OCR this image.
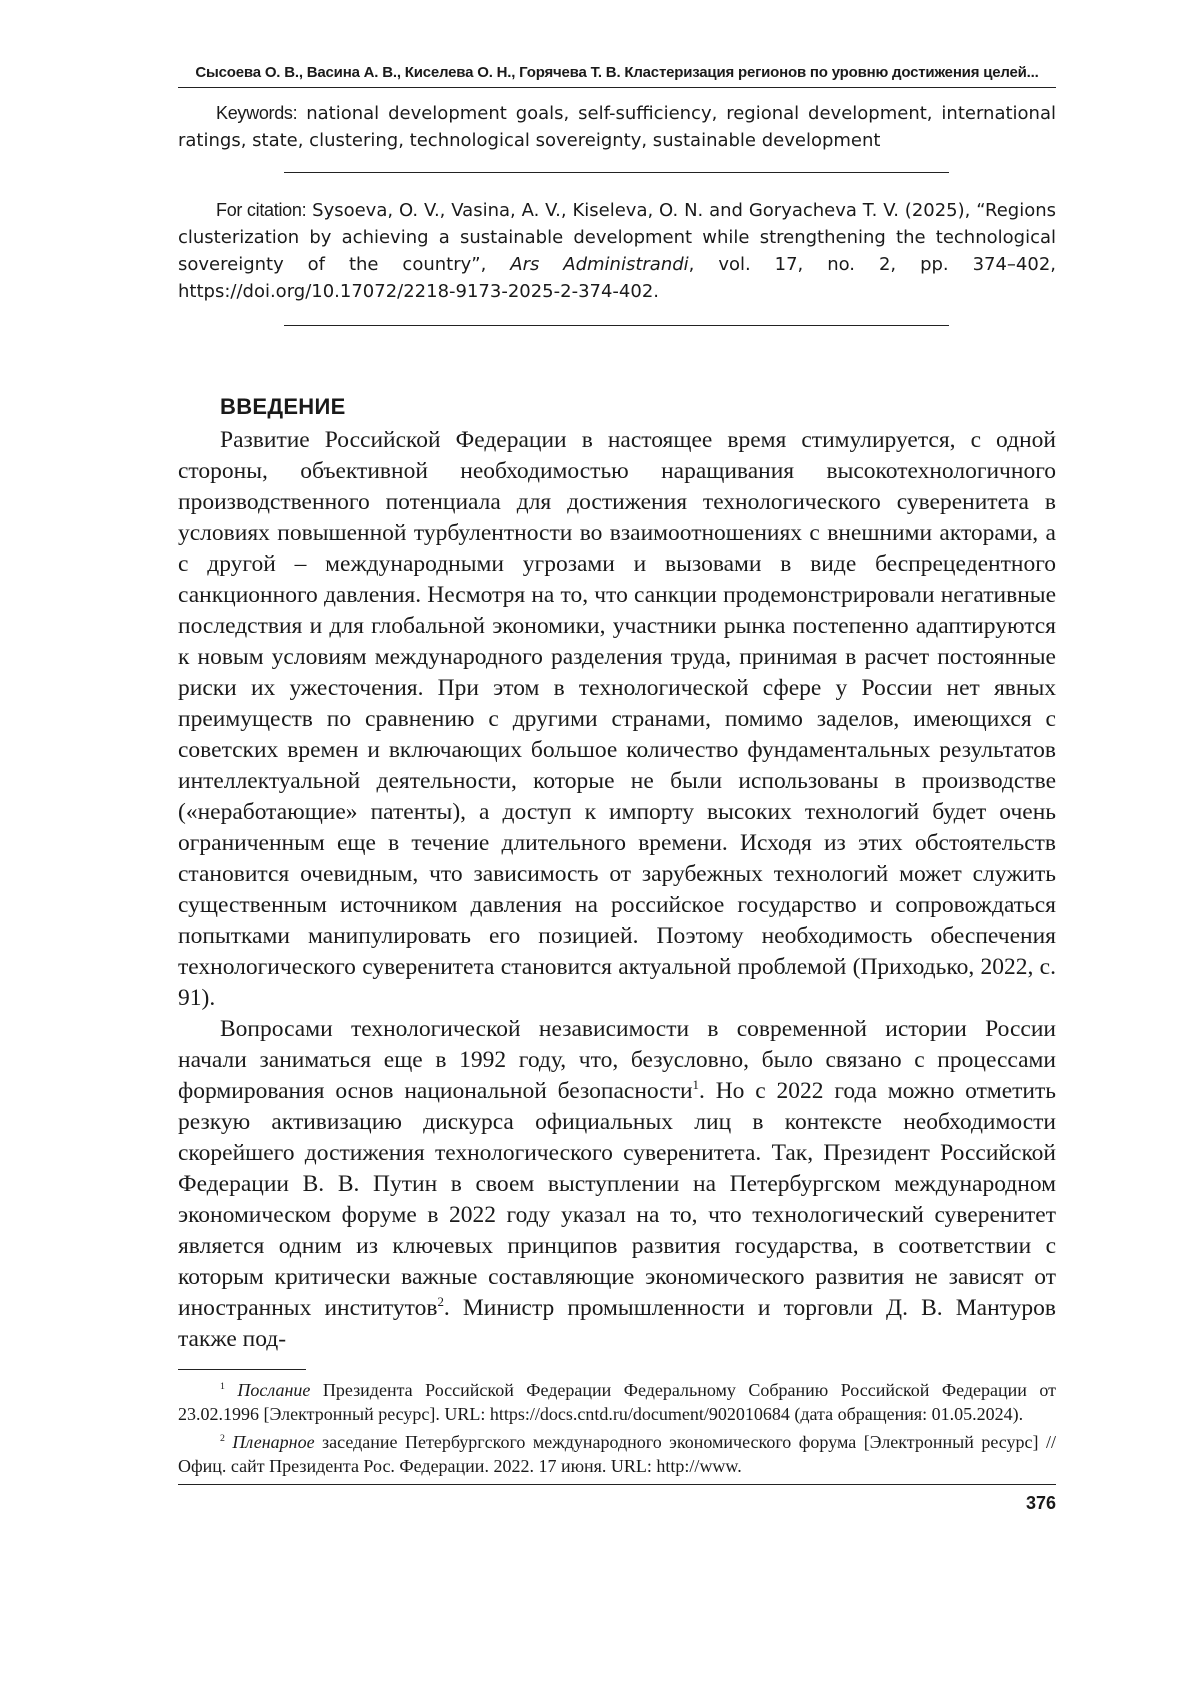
Сысоева О. В., Васина А. В., Киселева О. Н., Горячева Т. В. Кластеризация регионов по уровню достижения целей...
Keywords: national development goals, self-sufficiency, regional development, international ratings, state, clustering, technological sovereignty, sustainable development
For citation: Sysoeva, O. V., Vasina, A. V., Kiseleva, O. N. and Goryacheva T. V. (2025), “Regions clusterization by achieving a sustainable development while strengthening the technological sovereignty of the country”, Ars Administrandi, vol. 17, no. 2, pp. 374–402, https://doi.org/10.17072/2218-9173-2025-2-374-402.
ВВЕДЕНИЕ

Развитие Российской Федерации в настоящее время стимулируется, с одной стороны, объективной необходимостью наращивания высокотехнологичного производственного потенциала для достижения технологического суверенитета в условиях повышенной турбулентности во взаимоотношениях с внешними акторами, а с другой – международными угрозами и вызовами в виде беспрецедентного санкционного давления. Несмотря на то, что санкции продемонстрировали негативные последствия и для глобальной экономики, участники рынка постепенно адаптируются к новым условиям международного разделения труда, принимая в расчет постоянные риски их ужесточения. При этом в технологической сфере у России нет явных преимуществ по сравнению с другими странами, помимо заделов, имеющихся с советских времен и включающих большое количество фундаментальных результатов интеллектуальной деятельности, которые не были использованы в производстве («неработающие» патенты), а доступ к импорту высоких технологий будет очень ограниченным еще в течение длительного времени. Исходя из этих обстоятельств становится очевидным, что зависимость от зарубежных технологий может служить существенным источником давления на российское государство и сопровождаться попытками манипулировать его позицией. Поэтому необходимость обеспечения технологического суверенитета становится актуальной проблемой (Приходько, 2022, с. 91).

Вопросами технологической независимости в современной истории России начали заниматься еще в 1992 году, что, безусловно, было связано с процессами формирования основ национальной безопасности1. Но с 2022 года можно отметить резкую активизацию дискурса официальных лиц в контексте необходимости скорейшего достижения технологического суверенитета. Так, Президент Российской Федерации В. В. Путин в своем выступлении на Петербургском международном экономическом форуме в 2022 году указал на то, что технологический суверенитет является одним из ключевых принципов развития государства, в соответствии с которым критически важные составляющие экономического развития не зависят от иностранных институтов2. Министр промышленности и торговли Д. В. Мантуров также под-

1 Послание Президента Российской Федерации Федеральному Собранию Российской Федерации от 23.02.1996 [Электронный ресурс]. URL: https://docs.cntd.ru/document/902010684 (дата обращения: 01.05.2024).

2 Пленарное заседание Петербургского международного экономического форума [Электронный ресурс] // Офиц. сайт Президента Рос. Федерации. 2022. 17 июня. URL: http://www.

376
